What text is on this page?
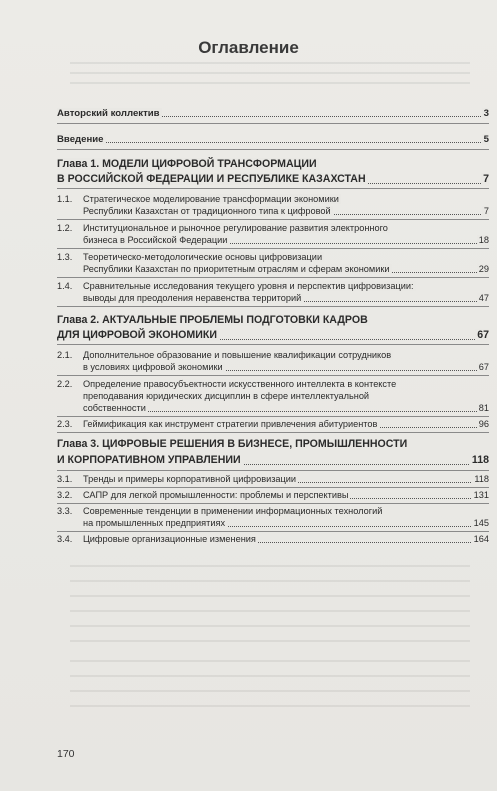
Оглавление
Авторский коллектив	3
Введение	5
Глава 1. МОДЕЛИ ЦИФРОВОЙ ТРАНСФОРМАЦИИ
В РОССИЙСКОЙ ФЕДЕРАЦИИ И РЕСПУБЛИКЕ КАЗАХСТАН	7
1.1. Стратегическое моделирование трансформации экономики
Республики Казахстан от традиционного типа к цифровой	7
1.2. Институциональное и рыночное регулирование развития электронного
бизнеса в Российской Федерации	18
1.3. Теоретическо-методологические основы цифровизации
Республики Казахстан по приоритетным отраслям и сферам экономики	29
1.4. Сравнительные исследования текущего уровня и перспектив цифровизации:
выводы для преодоления неравенства территорий	47
Глава 2. АКТУАЛЬНЫЕ ПРОБЛЕМЫ ПОДГОТОВКИ КАДРОВ
ДЛЯ ЦИФРОВОЙ ЭКОНОМИКИ	67
2.1. Дополнительное образование и повышение квалификации сотрудников
в условиях цифровой экономики	67
2.2. Определение правосубъектности искусственного интеллекта в контексте
преподавания юридических дисциплин в сфере интеллектуальной
собственности	81
2.3. Геймификация как инструмент стратегии привлечения абитуриентов	96
Глава 3. ЦИФРОВЫЕ РЕШЕНИЯ В БИЗНЕСЕ, ПРОМЫШЛЕННОСТИ
И КОРПОРАТИВНОМ УПРАВЛЕНИИ	118
3.1. Тренды и примеры корпоративной цифровизации	118
3.2. САПР для легкой промышленности: проблемы и перспективы	131
3.3. Современные тенденции в применении информационных технологий
на промышленных предприятиях	145
3.4. Цифровые организационные изменения	164
170
